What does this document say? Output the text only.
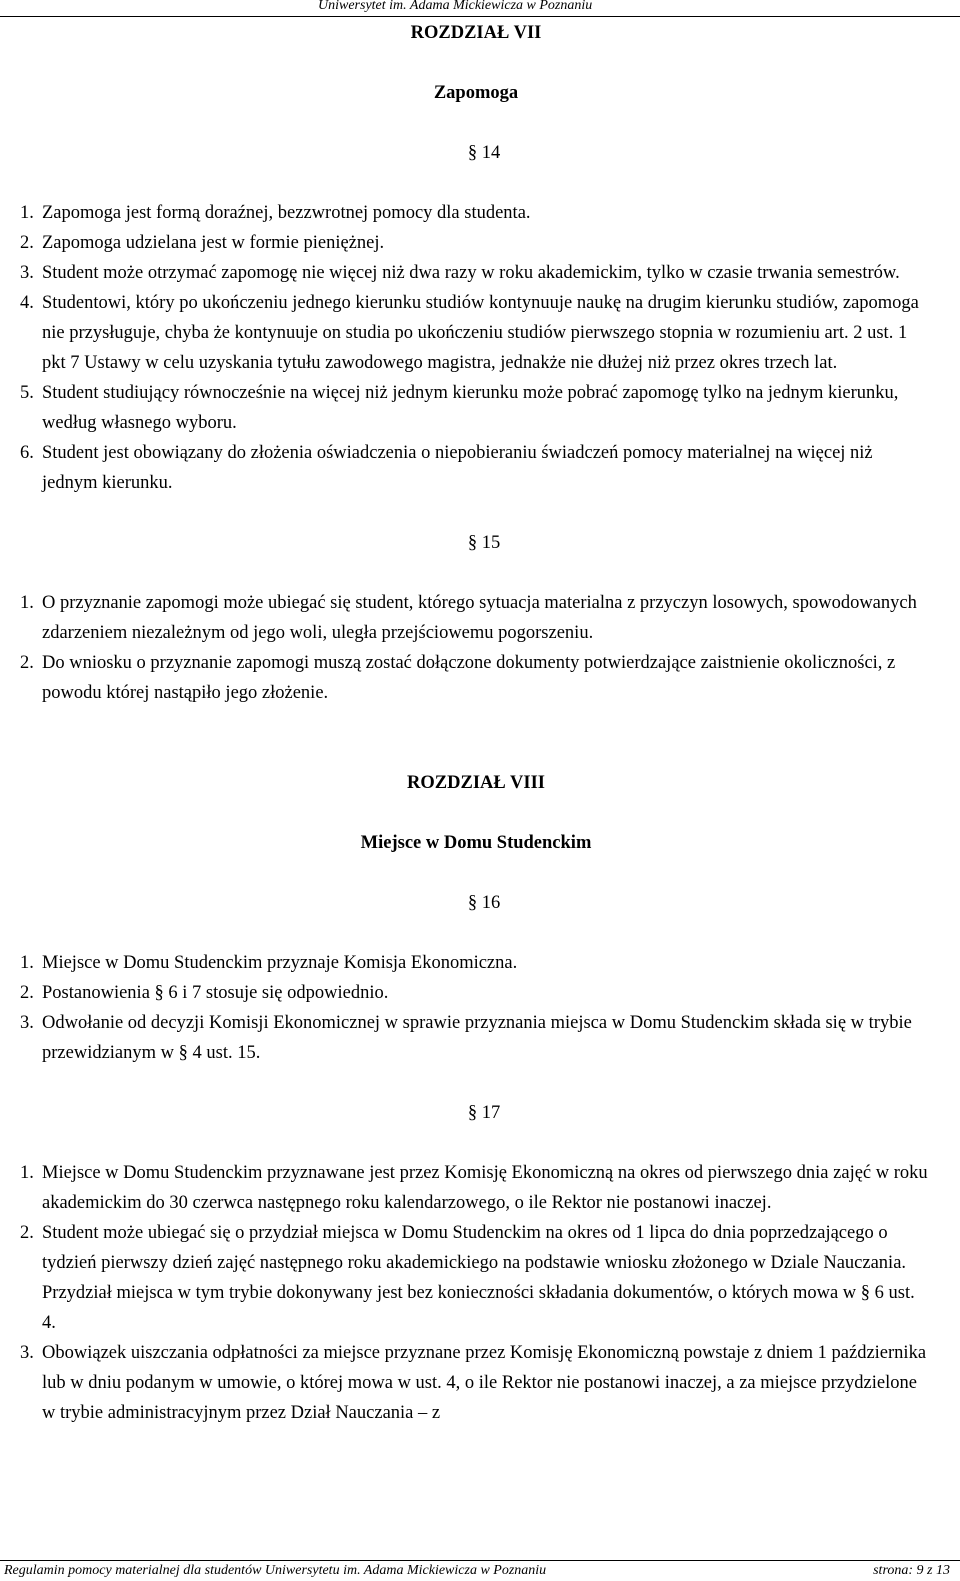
Uniwersytet im. Adama Mickiewicza w Poznaniu
ROZDZIAŁ VII
Zapomoga
§ 14
1. Zapomoga jest formą doraźnej, bezzwrotnej pomocy dla studenta.
2. Zapomoga udzielana jest w formie pieniężnej.
3. Student może otrzymać zapomogę nie więcej niż dwa razy w roku akademickim, tylko w czasie trwania semestrów.
4. Studentowi, który po ukończeniu jednego kierunku studiów kontynuuje naukę na drugim kierunku studiów, zapomoga nie przysługuje, chyba że kontynuuje on studia po ukończeniu studiów pierwszego stopnia w rozumieniu art. 2 ust. 1 pkt 7 Ustawy w celu uzyskania tytułu zawodowego magistra, jednakże nie dłużej niż przez okres trzech lat.
5. Student studiujący równocześnie na więcej niż jednym kierunku może pobrać zapomogę tylko na jednym kierunku, według własnego wyboru.
6. Student jest obowiązany do złożenia oświadczenia o niepobieraniu świadczeń pomocy materialnej na więcej niż jednym kierunku.
§ 15
1. O przyznanie zapomogi może ubiegać się student, którego sytuacja materialna z przyczyn losowych, spowodowanych zdarzeniem niezależnym od jego woli, uległa przejściowemu pogorszeniu.
2. Do wniosku o przyznanie zapomogi muszą zostać dołączone dokumenty potwierdzające zaistnienie okoliczności, z powodu której nastąpiło jego złożenie.
ROZDZIAŁ VIII
Miejsce w Domu Studenckim
§ 16
1. Miejsce w Domu Studenckim przyznaje Komisja Ekonomiczna.
2. Postanowienia § 6 i 7 stosuje się odpowiednio.
3. Odwołanie od decyzji Komisji Ekonomicznej w sprawie przyznania miejsca w Domu Studenckim składa się w trybie przewidzianym w § 4 ust. 15.
§ 17
1. Miejsce w Domu Studenckim przyznawane jest przez Komisję Ekonomiczną na okres od pierwszego dnia zajęć w roku akademickim do 30 czerwca następnego roku kalendarzowego, o ile Rektor nie postanowi inaczej.
2. Student może ubiegać się o przydział miejsca w Domu Studenckim na okres od 1 lipca do dnia poprzedzającego o tydzień pierwszy dzień zajęć następnego roku akademickiego na podstawie wniosku złożonego w Dziale Nauczania. Przydział miejsca w tym trybie dokonywany jest bez konieczności składania dokumentów, o których mowa w § 6 ust. 4.
3. Obowiązek uiszczania odpłatności za miejsce przyznane przez Komisję Ekonomiczną powstaje z dniem 1 października lub w dniu podanym w umowie, o której mowa w ust. 4, o ile Rektor nie postanowi inaczej, a za miejsce przydzielone w trybie administracyjnym przez Dział Nauczania – z
Regulamin pomocy materialnej dla studentów Uniwersytetu im. Adama Mickiewicza w Poznaniu	strona: 9 z 13
